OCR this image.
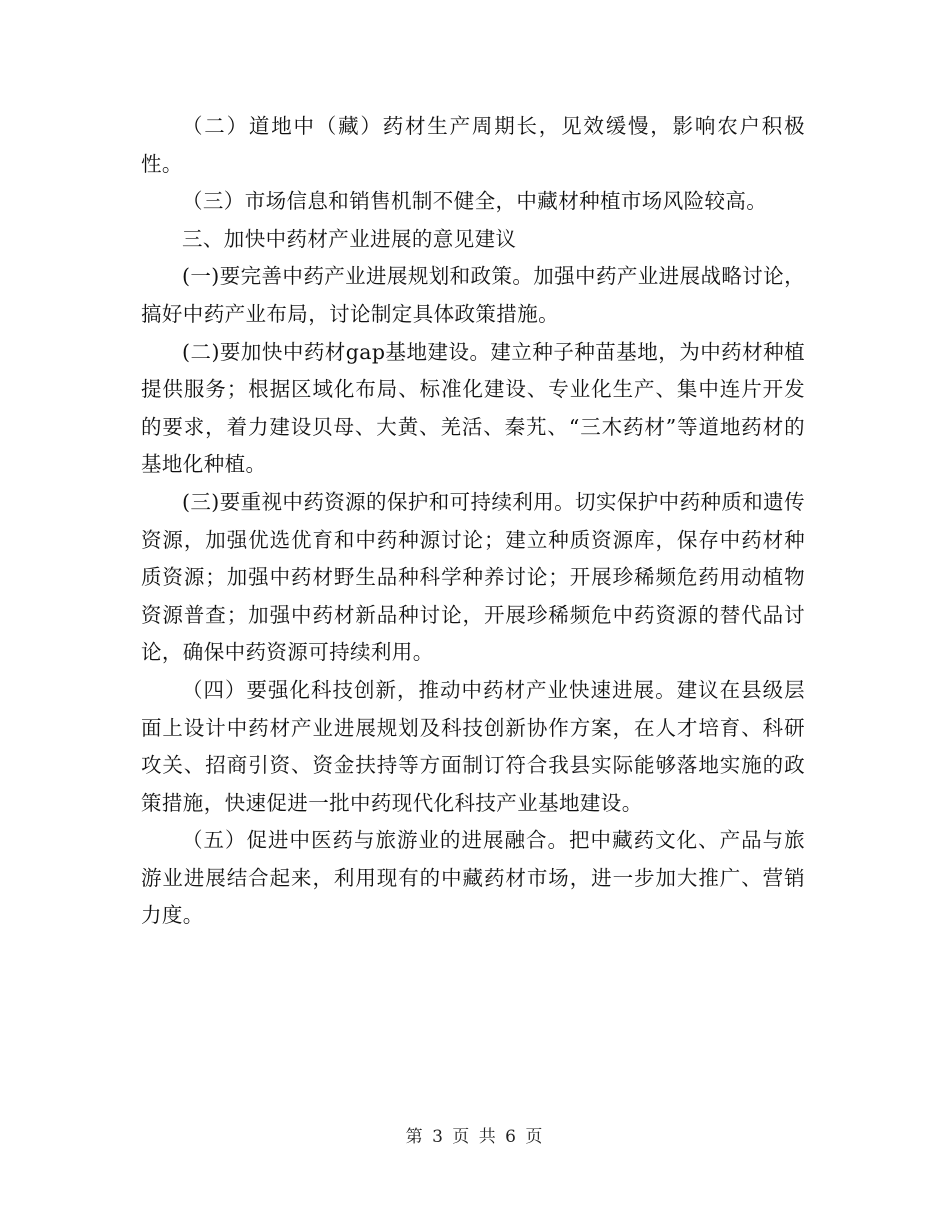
（二）道地中（藏）药材生产周期长，见效缓慢，影响农户积极性。

（三）市场信息和销售机制不健全，中藏材种植市场风险较高。

三、加快中药材产业进展的意见建议

(一)要完善中药产业进展规划和政策。加强中药产业进展战略讨论，搞好中药产业布局，讨论制定具体政策措施。

(二)要加快中药材gap基地建设。建立种子种苗基地，为中药材种植提供服务；根据区域化布局、标准化建设、专业化生产、集中连片开发的要求，着力建设贝母、大黄、羌活、秦艽、“三木药材”等道地药材的基地化种植。

(三)要重视中药资源的保护和可持续利用。切实保护中药种质和遗传资源，加强优选优育和中药种源讨论；建立种质资源库，保存中药材种质资源；加强中药材野生品种科学种养讨论；开展珍稀频危药用动植物资源普查；加强中药材新品种讨论，开展珍稀频危中药资源的替代品讨论，确保中药资源可持续利用。

（四）要强化科技创新，推动中药材产业快速进展。建议在县级层面上设计中药材产业进展规划及科技创新协作方案，在人才培育、科研攻关、招商引资、资金扶持等方面制订符合我县实际能够落地实施的政策措施，快速促进一批中药现代化科技产业基地建设。

（五）促进中医药与旅游业的进展融合。把中藏药文化、产品与旅游业进展结合起来，利用现有的中藏药材市场，进一步加大推广、营销力度。

第 3 页 共 6 页
